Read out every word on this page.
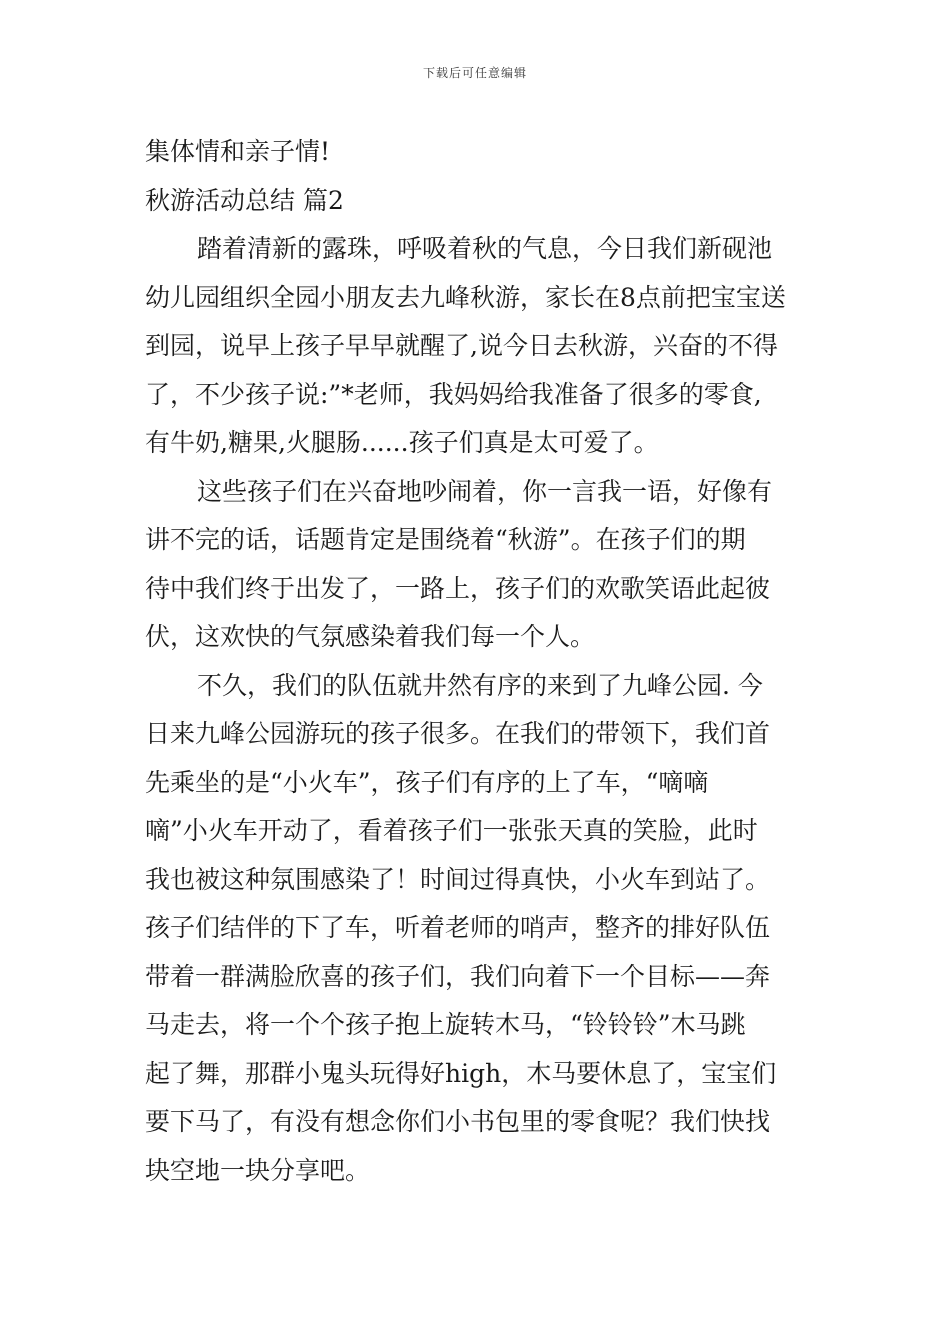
下载后可任意编辑
集体情和亲子情!
秋游活动总结 篇2
踏着清新的露珠，呼吸着秋的气息，今日我们新砚池
幼儿园组织全园小朋友去九峰秋游，家长在8点前把宝宝送
到园，说早上孩子早早就醒了,说今日去秋游，兴奋的不得
了，不少孩子说:”*老师，我妈妈给我准备了很多的零食,
有牛奶,糖果,火腿肠......孩子们真是太可爱了。
这些孩子们在兴奋地吵闹着，你一言我一语，好像有
讲不完的话，话题肯定是围绕着“秋游”。在孩子们的期
待中我们终于出发了，一路上，孩子们的欢歌笑语此起彼
伏，这欢快的气氛感染着我们每一个人。
不久，我们的队伍就井然有序的来到了九峰公园. 今
日来九峰公园游玩的孩子很多。在我们的带领下，我们首
先乘坐的是“小火车”，孩子们有序的上了车，“嘀嘀
嘀”小火车开动了，看着孩子们一张张天真的笑脸，此时
我也被这种氛围感染了！时间过得真快，小火车到站了。
孩子们结伴的下了车，听着老师的哨声，整齐的排好队伍
带着一群满脸欣喜的孩子们，我们向着下一个目标——奔
马走去，将一个个孩子抱上旋转木马，“铃铃铃”木马跳
起了舞，那群小鬼头玩得好high，木马要休息了，宝宝们
要下马了，有没有想念你们小书包里的零食呢？我们快找
块空地一块分享吧。
